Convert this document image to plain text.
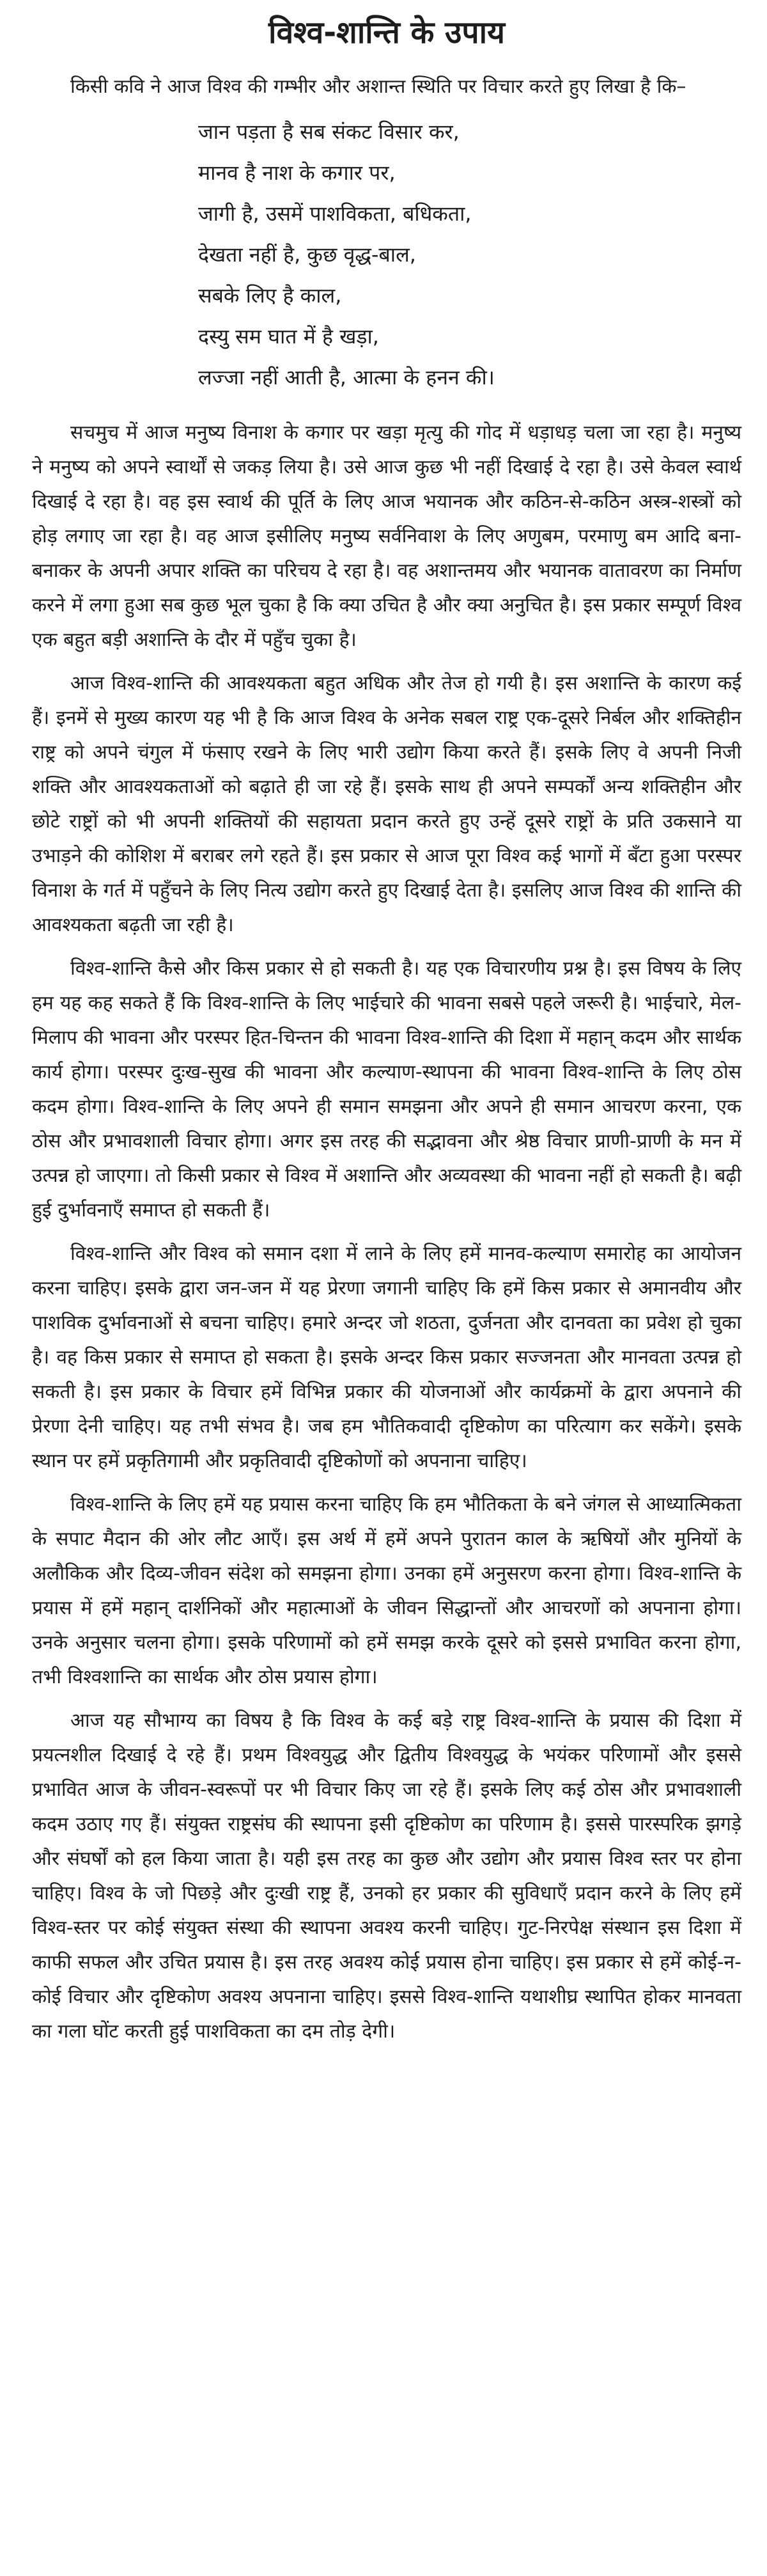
विश्व-शान्ति के उपाय

किसी कवि ने आज विश्व की गम्भीर और अशान्त स्थिति पर विचार करते हुए लिखा है कि–

जान पड़ता है सब संकट विसार कर,
मानव है नाश के कगार पर,
जागी है, उसमें पाशविकता, बधिकता,
देखता नहीं है, कुछ वृद्ध-बाल,
सबके लिए है काल,
दस्यु सम घात में है खड़ा,
लज्जा नहीं आती है, आत्मा के हनन की।

सचमुच में आज मनुष्य विनाश के कगार पर खड़ा मृत्यु की गोद में धड़ाधड़ चला जा रहा है। मनुष्य ने मनुष्य को अपने स्वार्थों से जकड़ लिया है। उसे आज कुछ भी नहीं दिखाई दे रहा है। उसे केवल स्वार्थ दिखाई दे रहा है। वह इस स्वार्थ की पूर्ति के लिए आज भयानक और कठिन-से-कठिन अस्त्र-शस्त्रों को होड़ लगाए जा रहा है। वह आज इसीलिए मनुष्य सर्वनिवाश के लिए अणुबम, परमाणु बम आदि बना-बनाकर के अपनी अपार शक्ति का परिचय दे रहा है। वह अशान्तमय और भयानक वातावरण का निर्माण करने में लगा हुआ सब कुछ भूल चुका है कि क्या उचित है और क्या अनुचित है। इस प्रकार सम्पूर्ण विश्व एक बहुत बड़ी अशान्ति के दौर में पहुँच चुका है।

आज विश्व-शान्ति की आवश्यकता बहुत अधिक और तेज हो गयी है। इस अशान्ति के कारण कई हैं। इनमें से मुख्य कारण यह भी है कि आज विश्व के अनेक सबल राष्ट्र एक-दूसरे निर्बल और शक्तिहीन राष्ट्र को अपने चंगुल में फंसाए रखने के लिए भारी उद्योग किया करते हैं। इसके लिए वे अपनी निजी शक्ति और आवश्यकताओं को बढ़ाते ही जा रहे हैं। इसके साथ ही अपने सम्पर्कों अन्य शक्तिहीन और छोटे राष्ट्रों को भी अपनी शक्तियों की सहायता प्रदान करते हुए उन्हें दूसरे राष्ट्रों के प्रति उकसाने या उभाड़ने की कोशिश में बराबर लगे रहते हैं। इस प्रकार से आज पूरा विश्व कई भागों में बँटा हुआ परस्पर विनाश के गर्त में पहुँचने के लिए नित्य उद्योग करते हुए दिखाई देता है। इसलिए आज विश्व की शान्ति की आवश्यकता बढ़ती जा रही है।

विश्व-शान्ति कैसे और किस प्रकार से हो सकती है। यह एक विचारणीय प्रश्न है। इस विषय के लिए हम यह कह सकते हैं कि विश्व-शान्ति के लिए भाईचारे की भावना सबसे पहले जरूरी है। भाईचारे, मेल-मिलाप की भावना और परस्पर हित-चिन्तन की भावना विश्व-शान्ति की दिशा में महान् कदम और सार्थक कार्य होगा। परस्पर दुःख-सुख की भावना और कल्याण-स्थापना की भावना विश्व-शान्ति के लिए ठोस कदम होगा। विश्व-शान्ति के लिए अपने ही समान समझना और अपने ही समान आचरण करना, एक ठोस और प्रभावशाली विचार होगा। अगर इस तरह की सद्भावना और श्रेष्ठ विचार प्राणी-प्राणी के मन में उत्पन्न हो जाएगा। तो किसी प्रकार से विश्व में अशान्ति और अव्यवस्था की भावना नहीं हो सकती है। बढ़ी हुई दुर्भावनाएँ समाप्त हो सकती हैं।

विश्व-शान्ति और विश्व को समान दशा में लाने के लिए हमें मानव-कल्याण समारोह का आयोजन करना चाहिए। इसके द्वारा जन-जन में यह प्रेरणा जगानी चाहिए कि हमें किस प्रकार से अमानवीय और पाशविक दुर्भावनाओं से बचना चाहिए। हमारे अन्दर जो शठता, दुर्जनता और दानवता का प्रवेश हो चुका है। वह किस प्रकार से समाप्त हो सकता है। इसके अन्दर किस प्रकार सज्जनता और मानवता उत्पन्न हो सकती है। इस प्रकार के विचार हमें विभिन्न प्रकार की योजनाओं और कार्यक्रमों के द्वारा अपनाने की प्रेरणा देनी चाहिए। यह तभी संभव है। जब हम भौतिकवादी दृष्टिकोण का परित्याग कर सकेंगे। इसके स्थान पर हमें प्रकृतिगामी और प्रकृतिवादी दृष्टिकोणों को अपनाना चाहिए।

विश्व-शान्ति के लिए हमें यह प्रयास करना चाहिए कि हम भौतिकता के बने जंगल से आध्यात्मिकता के सपाट मैदान की ओर लौट आएँ। इस अर्थ में हमें अपने पुरातन काल के ऋषियों और मुनियों के अलौकिक और दिव्य-जीवन संदेश को समझना होगा। उनका हमें अनुसरण करना होगा। विश्व-शान्ति के प्रयास में हमें महान् दार्शनिकों और महात्माओं के जीवन सिद्धान्तों और आचरणों को अपनाना होगा। उनके अनुसार चलना होगा। इसके परिणामों को हमें समझ करके दूसरे को इससे प्रभावित करना होगा, तभी विश्वशान्ति का सार्थक और ठोस प्रयास होगा।

आज यह सौभाग्य का विषय है कि विश्व के कई बड़े राष्ट्र विश्व-शान्ति के प्रयास की दिशा में प्रयत्नशील दिखाई दे रहे हैं। प्रथम विश्वयुद्ध और द्वितीय विश्वयुद्ध के भयंकर परिणामों और इससे प्रभावित आज के जीवन-स्वरूपों पर भी विचार किए जा रहे हैं। इसके लिए कई ठोस और प्रभावशाली कदम उठाए गए हैं। संयुक्त राष्ट्रसंघ की स्थापना इसी दृष्टिकोण का परिणाम है। इससे पारस्परिक झगड़े और संघर्षों को हल किया जाता है। यही इस तरह का कुछ और उद्योग और प्रयास विश्व स्तर पर होना चाहिए। विश्व के जो पिछड़े और दुःखी राष्ट्र हैं, उनको हर प्रकार की सुविधाएँ प्रदान करने के लिए हमें विश्व-स्तर पर कोई संयुक्त संस्था की स्थापना अवश्य करनी चाहिए। गुट-निरपेक्ष संस्थान इस दिशा में काफी सफल और उचित प्रयास है। इस तरह अवश्य कोई प्रयास होना चाहिए। इस प्रकार से हमें कोई-न-कोई विचार और दृष्टिकोण अवश्य अपनाना चाहिए। इससे विश्व-शान्ति यथाशीघ्र स्थापित होकर मानवता का गला घोंट करती हुई पाशविकता का दम तोड़ देगी।
